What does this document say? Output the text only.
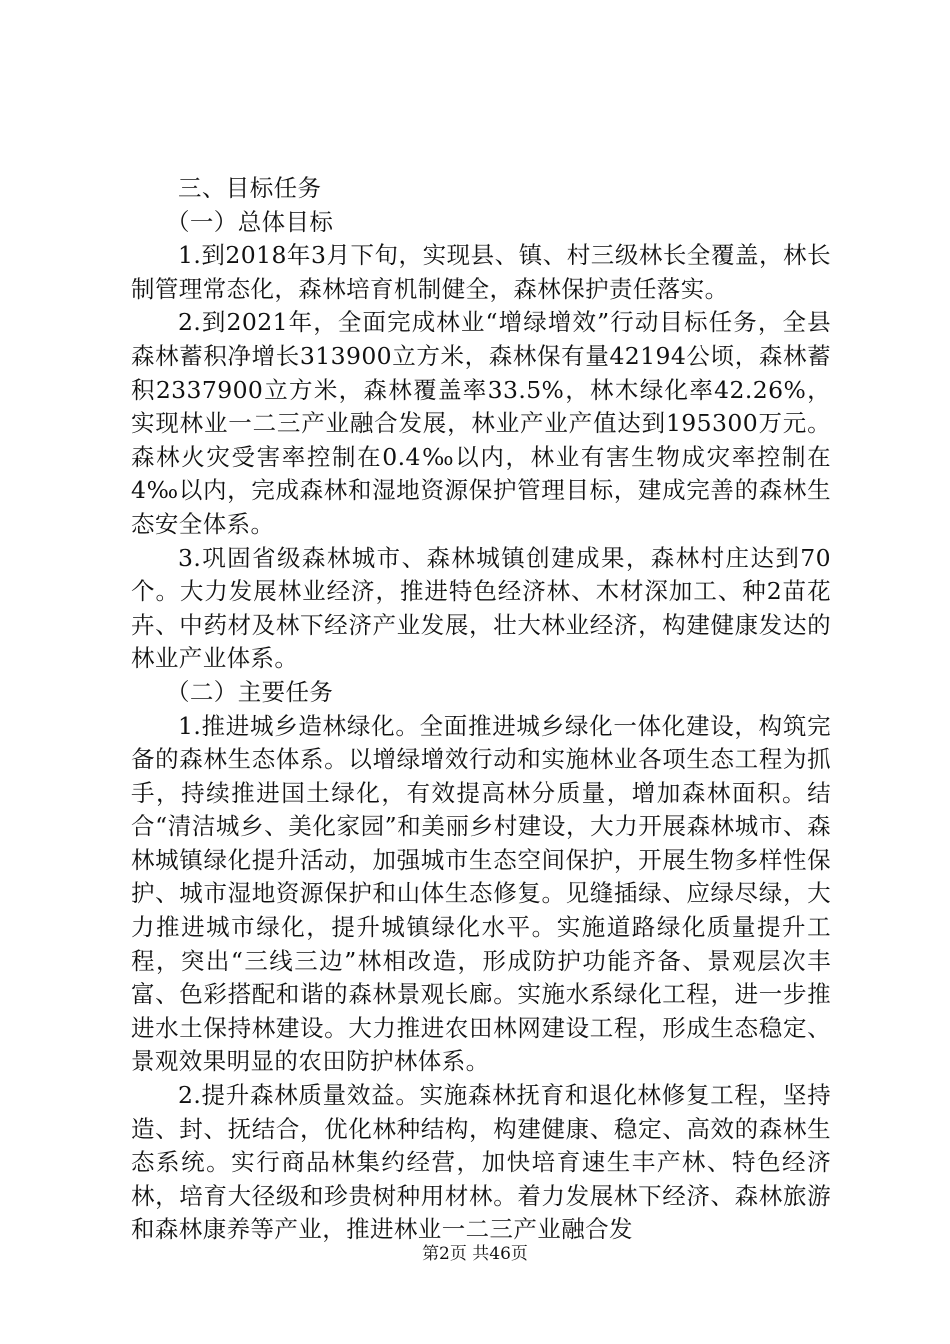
三、目标任务

（一）总体目标

1.到2018年3月下旬，实现县、镇、村三级林长全覆盖，林长制管理常态化，森林培育机制健全，森林保护责任落实。

2.到2021年，全面完成林业“增绿增效”行动目标任务，全县森林蓄积净增长313900立方米，森林保有量42194公顷，森林蓄积2337900立方米，森林覆盖率33.5%，林木绿化率42.26%，实现林业一二三产业融合发展，林业产业产值达到195300万元。森林火灾受害率控制在0.4‰以内，林业有害生物成灾率控制在4‰以内，完成森林和湿地资源保护管理目标，建成完善的森林生态安全体系。

3.巩固省级森林城市、森林城镇创建成果，森林村庄达到70个。大力发展林业经济，推进特色经济林、木材深加工、种2苗花卉、中药材及林下经济产业发展，壮大林业经济，构建健康发达的林业产业体系。

（二）主要任务

1.推进城乡造林绿化。全面推进城乡绿化一体化建设，构筑完备的森林生态体系。以增绿增效行动和实施林业各项生态工程为抓手，持续推进国土绿化，有效提高林分质量，增加森林面积。结合“清洁城乡、美化家园”和美丽乡村建设，大力开展森林城市、森林城镇绿化提升活动，加强城市生态空间保护，开展生物多样性保护、城市湿地资源保护和山体生态修复。见缝插绿、应绿尽绿，大力推进城市绿化，提升城镇绿化水平。实施道路绿化质量提升工程，突出“三线三边”林相改造，形成防护功能齐备、景观层次丰富、色彩搭配和谐的森林景观长廊。实施水系绿化工程，进一步推进水土保持林建设。大力推进农田林网建设工程，形成生态稳定、景观效果明显的农田防护林体系。

2.提升森林质量效益。实施森林抚育和退化林修复工程，坚持造、封、抚结合，优化林种结构，构建健康、稳定、高效的森林生态系统。实行商品林集约经营，加快培育速生丰产林、特色经济林，培育大径级和珍贵树种用材林。着力发展林下经济、森林旅游和森林康养等产业，推进林业一二三产业融合发

第2页 共46页
